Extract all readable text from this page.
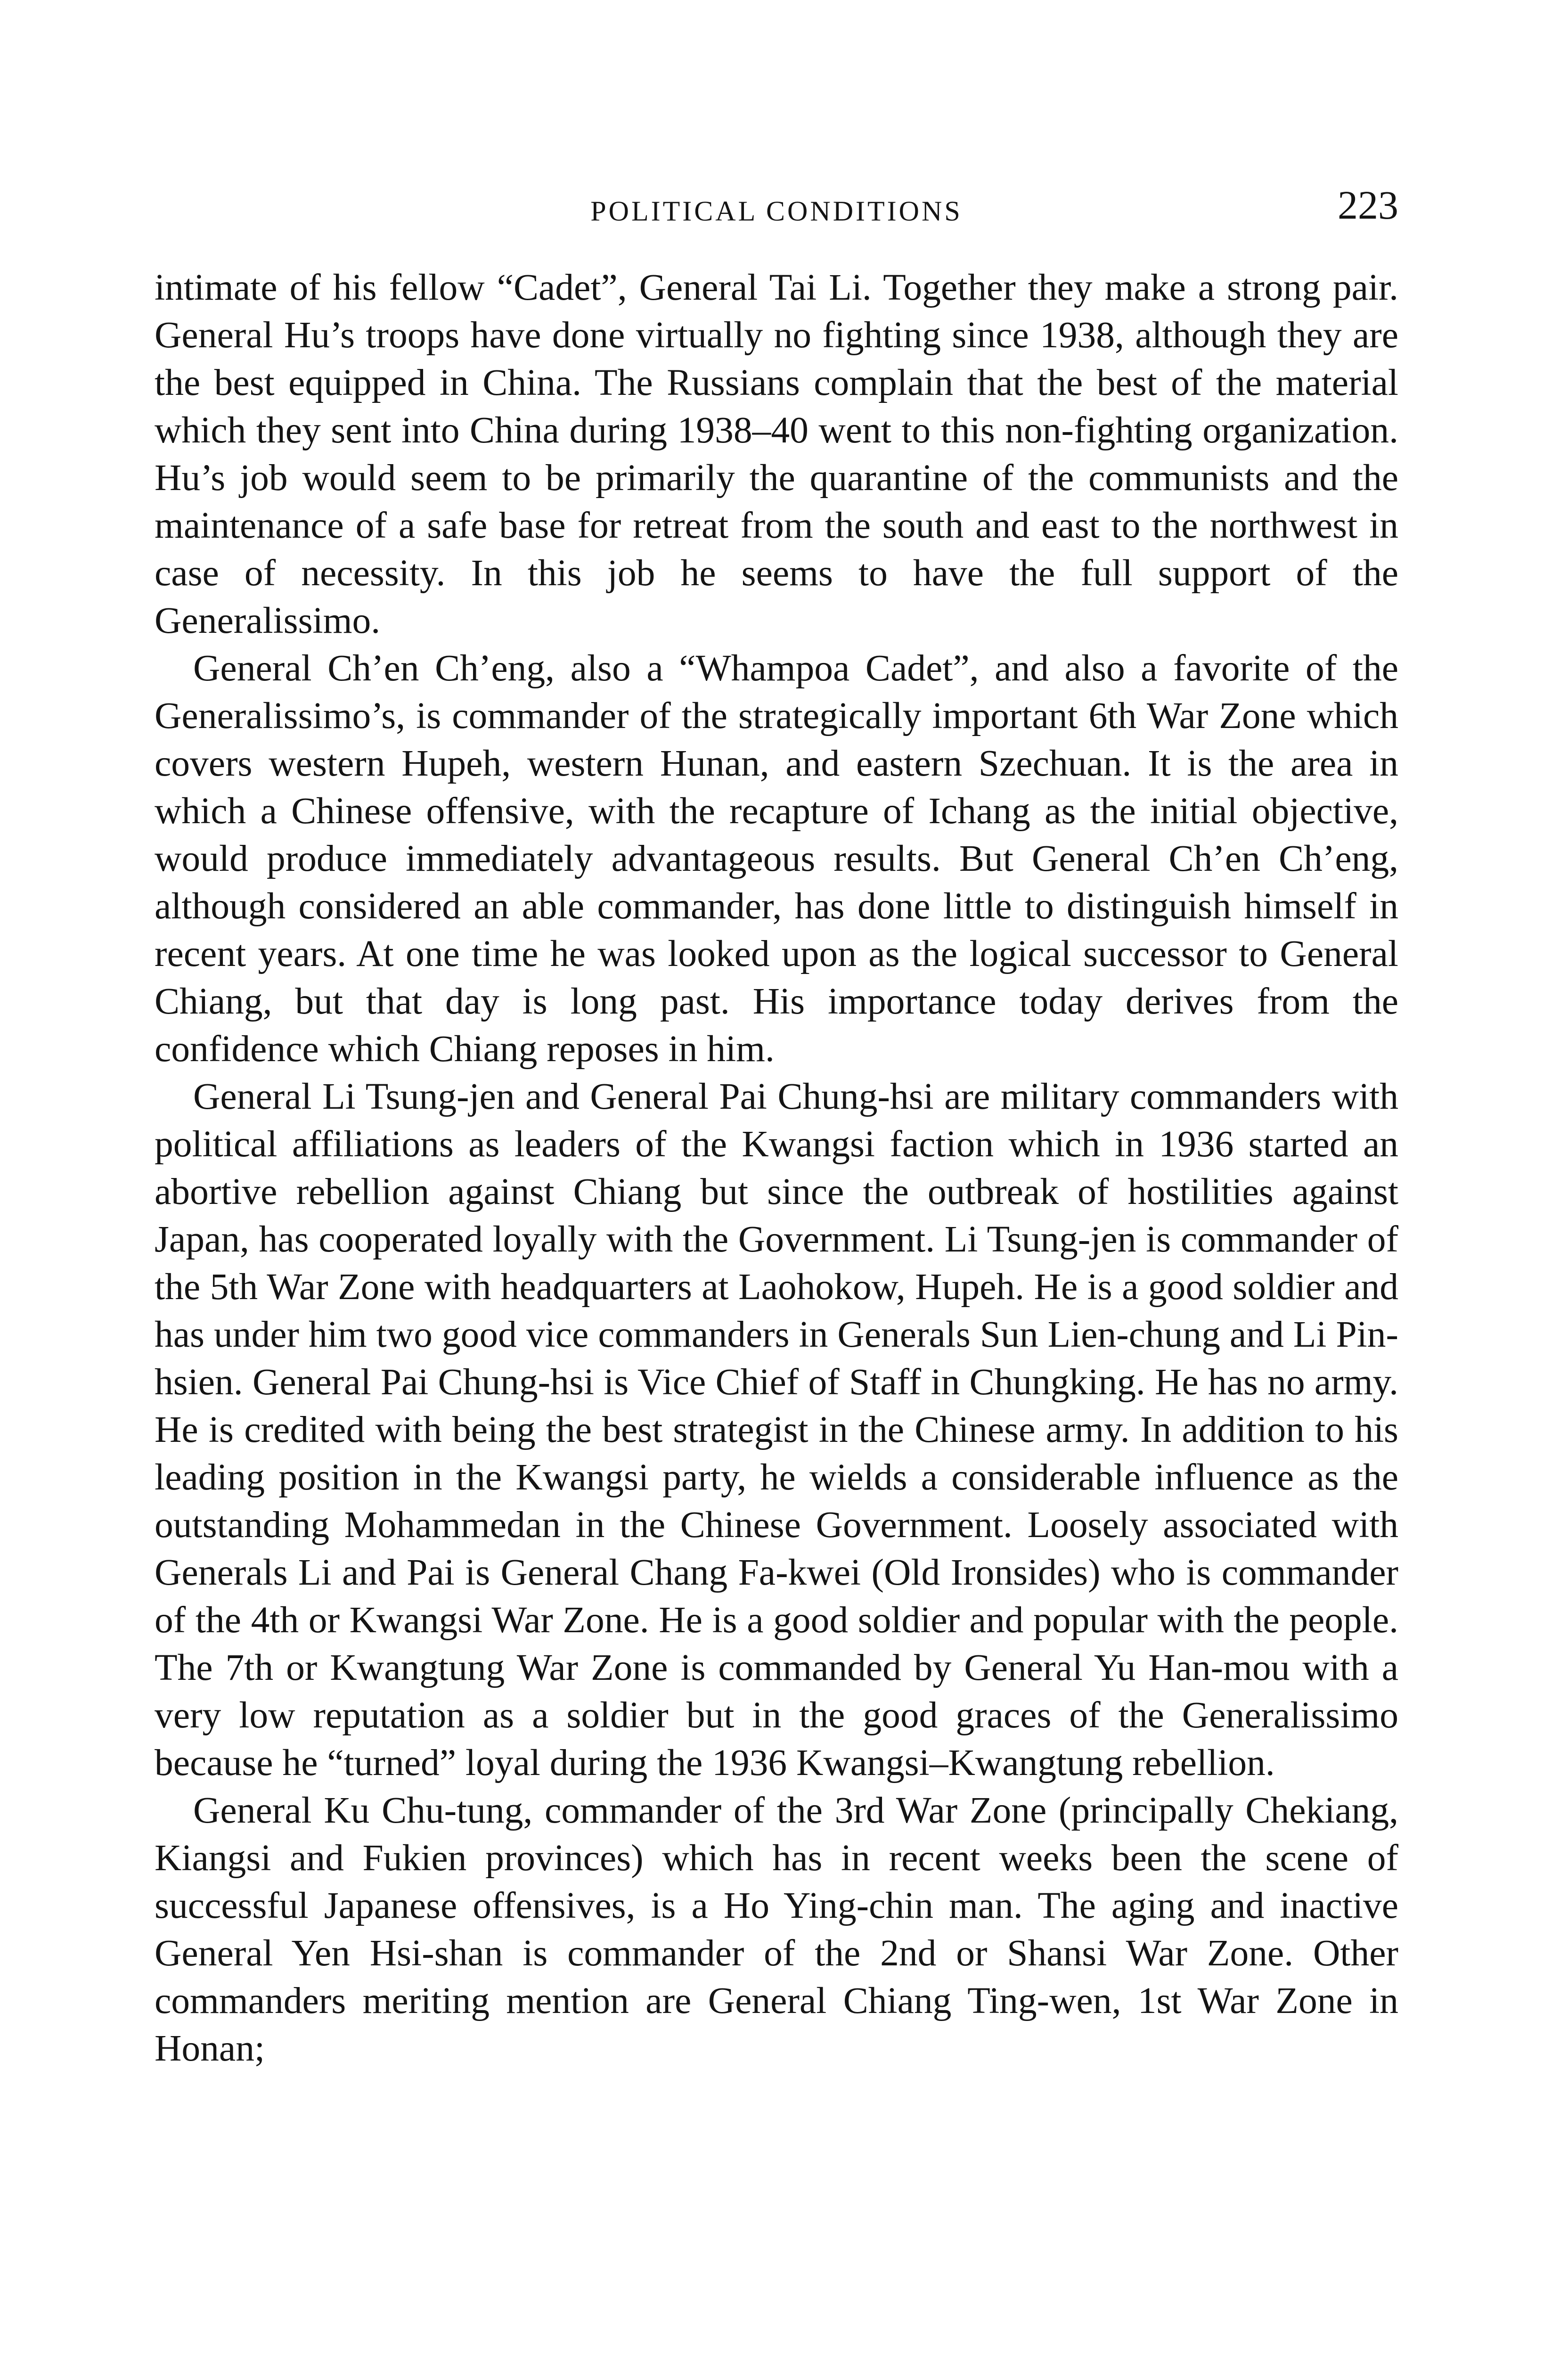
POLITICAL CONDITIONS	223

intimate of his fellow “Cadet”, General Tai Li. Together they make a strong pair. General Hu’s troops have done virtually no fighting since 1938, although they are the best equipped in China. The Russians complain that the best of the material which they sent into China during 1938–40 went to this non-fighting organization. Hu’s job would seem to be primarily the quarantine of the communists and the maintenance of a safe base for retreat from the south and east to the northwest in case of necessity. In this job he seems to have the full support of the Generalissimo.

General Ch’en Ch’eng, also a “Whampoa Cadet”, and also a favorite of the Generalissimo’s, is commander of the strategically important 6th War Zone which covers western Hupeh, western Hunan, and eastern Szechuan. It is the area in which a Chinese offensive, with the recapture of Ichang as the initial objective, would produce immediately advantageous results. But General Ch’en Ch’eng, although considered an able commander, has done little to distinguish himself in recent years. At one time he was looked upon as the logical successor to General Chiang, but that day is long past. His importance today derives from the confidence which Chiang reposes in him.

General Li Tsung-jen and General Pai Chung-hsi are military commanders with political affiliations as leaders of the Kwangsi faction which in 1936 started an abortive rebellion against Chiang but since the outbreak of hostilities against Japan, has cooperated loyally with the Government. Li Tsung-jen is commander of the 5th War Zone with headquarters at Laohokow, Hupeh. He is a good soldier and has under him two good vice commanders in Generals Sun Lien-chung and Li Pin-hsien. General Pai Chung-hsi is Vice Chief of Staff in Chungking. He has no army. He is credited with being the best strategist in the Chinese army. In addition to his leading position in the Kwangsi party, he wields a considerable influence as the outstanding Mohammedan in the Chinese Government. Loosely associated with Generals Li and Pai is General Chang Fa-kwei (Old Ironsides) who is commander of the 4th or Kwangsi War Zone. He is a good soldier and popular with the people. The 7th or Kwangtung War Zone is commanded by General Yu Han-mou with a very low reputation as a soldier but in the good graces of the Generalissimo because he “turned” loyal during the 1936 Kwangsi–Kwangtung rebellion.

General Ku Chu-tung, commander of the 3rd War Zone (principally Chekiang, Kiangsi and Fukien provinces) which has in recent weeks been the scene of successful Japanese offensives, is a Ho Ying-chin man. The aging and inactive General Yen Hsi-shan is commander of the 2nd or Shansi War Zone. Other commanders meriting mention are General Chiang Ting-wen, 1st War Zone in Honan;
